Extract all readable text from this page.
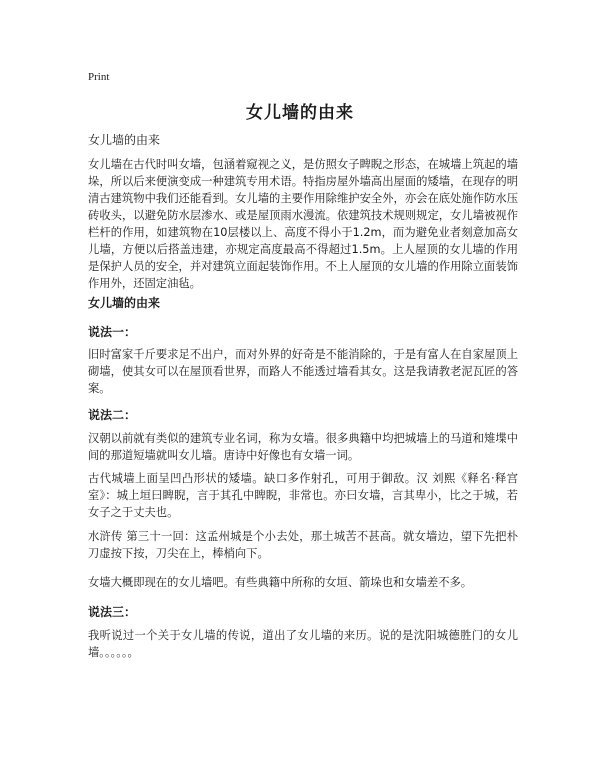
Print
女儿墙的由来
女儿墙的由来

女儿墙在古代时叫女墙，包涵着窥视之义，是仿照女子睥睨之形态，在城墙上筑起的墙垛，所以后来便演变成一种建筑专用术语。特指房屋外墙高出屋面的矮墙，在现存的明清古建筑物中我们还能看到。女儿墙的主要作用除维护安全外，亦会在底处施作防水压砖收头，以避免防水层渗水、或是屋顶雨水漫流。依建筑技术规则规定，女儿墙被视作栏杆的作用，如建筑物在10层楼以上、高度不得小于1.2m，而为避免业者刻意加高女儿墙，方便以后搭盖违建，亦规定高度最高不得超过1.5m。上人屋顶的女儿墙的作用是保护人员的安全，并对建筑立面起装饰作用。不上人屋顶的女儿墙的作用除立面装饰作用外，还固定油毡。

女儿墙的由来
说法一：

旧时富家千斤要求足不出户，而对外界的好奇是不能消除的，于是有富人在自家屋顶上砌墙，使其女可以在屋顶看世界，而路人不能透过墙看其女。这是我请教老泥瓦匠的答案。

说法二：

汉朝以前就有类似的建筑专业名词，称为女墙。很多典籍中均把城墙上的马道和雉堞中间的那道短墙就叫女儿墙。唐诗中好像也有女墙一词。

古代城墙上面呈凹凸形状的矮墙。缺口多作射孔，可用于御敌。汉 刘熙《释名·释宫室》：城上垣曰睥睨，言于其孔中睥睨，非常也。亦曰女墙，言其卑小，比之于城，若女子之于丈夫也。

水浒传 第三十一回：这孟州城是个小去处，那土城苦不甚高。就女墙边，望下先把朴刀虚按下按，刀尖在上，棒梢向下。

女墙大概即现在的女儿墙吧。有些典籍中所称的女垣、箭垛也和女墙差不多。

说法三：

我听说过一个关于女儿墙的传说，道出了女儿墙的来历。说的是沈阳城德胜门的女儿墙。。。。。。
